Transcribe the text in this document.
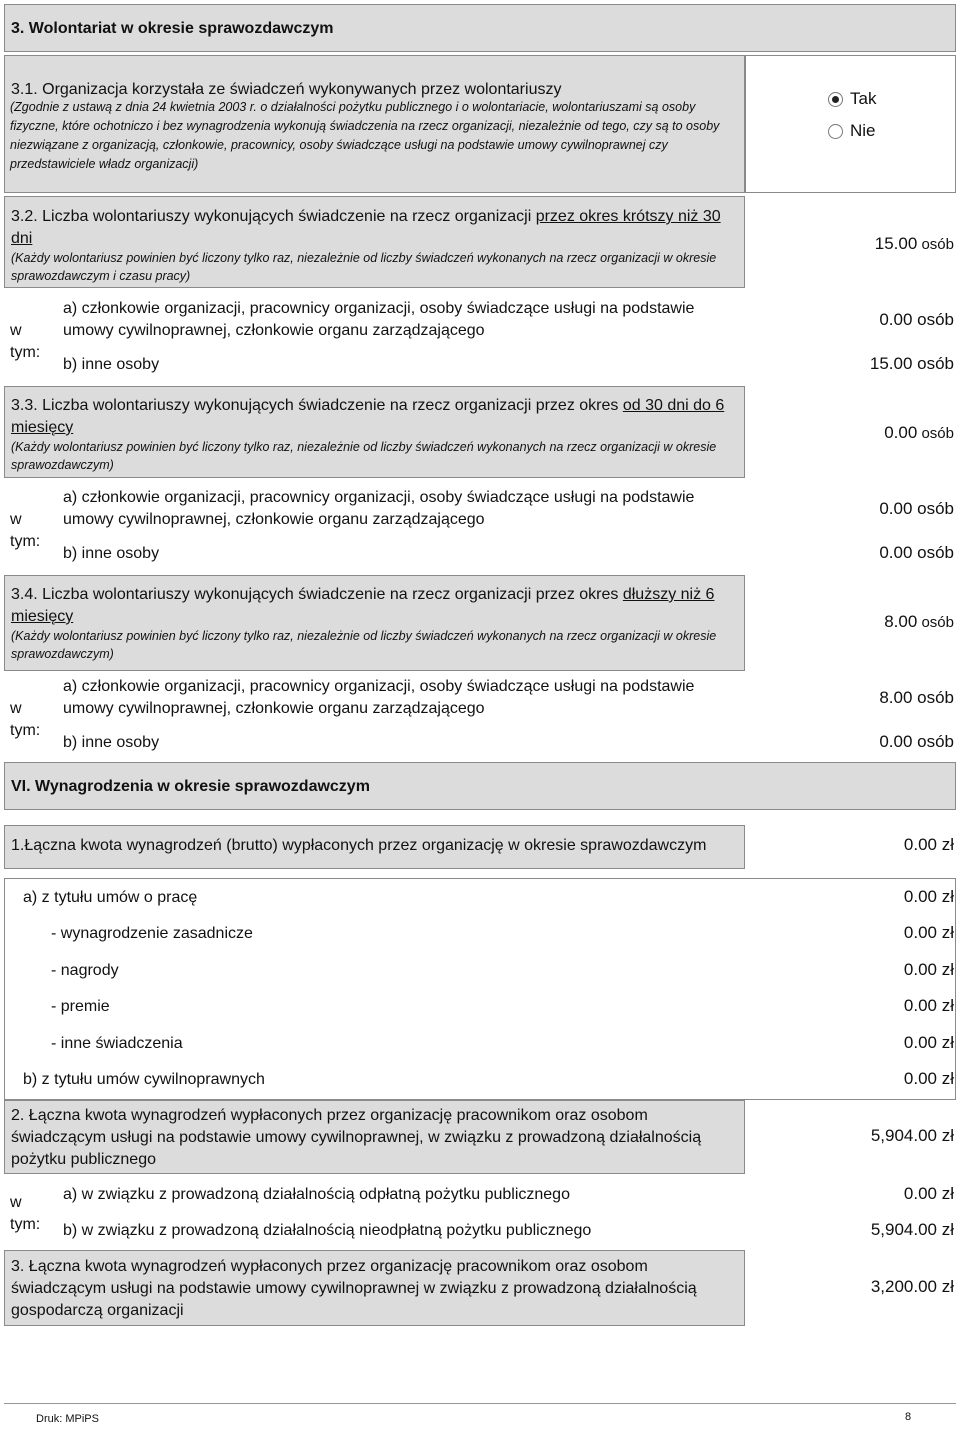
3. Wolontariat w okresie sprawozdawczym
3.1. Organizacja korzystała ze świadczeń wykonywanych przez wolontariuszy
(Zgodnie z ustawą z dnia 24 kwietnia 2003 r. o działalności pożytku publicznego i o wolontariacie, wolontariuszami są osoby fizyczne, które ochotniczo i bez wynagrodzenia wykonują świadczenia na rzecz organizacji, niezależnie od tego, czy są to osoby niezwiązane z organizacją, członkowie, pracownicy, osoby świadczące usługi na podstawie umowy cywilnoprawnej czy przedstawiciele władz organizacji)
Tak
Nie
3.2. Liczba wolontariuszy wykonujących świadczenie na rzecz organizacji przez okres krótszy niż 30 dni
(Każdy wolontariusz powinien być liczony tylko raz, niezależnie od liczby świadczeń wykonanych na rzecz organizacji w okresie sprawozdawczym i czasu pracy)
15.00 osób
w tym:
a) członkowie organizacji, pracownicy organizacji, osoby świadczące usługi na podstawie umowy cywilnoprawnej, członkowie organu zarządzającego
0.00 osób
b) inne osoby	15.00 osób
3.3. Liczba wolontariuszy wykonujących świadczenie na rzecz organizacji przez okres od 30 dni do 6 miesięcy
(Każdy wolontariusz powinien być liczony tylko raz, niezależnie od liczby świadczeń wykonanych na rzecz organizacji w okresie sprawozdawczym)
0.00 osób
w tym:
a) członkowie organizacji, pracownicy organizacji, osoby świadczące usługi na podstawie umowy cywilnoprawnej, członkowie organu zarządzającego
0.00 osób
b) inne osoby	0.00 osób
3.4. Liczba wolontariuszy wykonujących świadczenie na rzecz organizacji przez okres dłuższy niż 6 miesięcy
(Każdy wolontariusz powinien być liczony tylko raz, niezależnie od liczby świadczeń wykonanych na rzecz organizacji w okresie sprawozdawczym)
8.00 osób
w tym:
a) członkowie organizacji, pracownicy organizacji, osoby świadczące usługi na podstawie umowy cywilnoprawnej, członkowie organu zarządzającego
8.00 osób
b) inne osoby	0.00 osób
VI. Wynagrodzenia w okresie sprawozdawczym
1.Łączna kwota wynagrodzeń (brutto) wypłaconych przez organizację w okresie sprawozdawczym	0.00 zł
a) z tytułu umów o pracę	0.00 zł
- wynagrodzenie zasadnicze	0.00 zł
- nagrody	0.00 zł
- premie	0.00 zł
- inne świadczenia	0.00 zł
b) z tytułu umów cywilnoprawnych	0.00 zł
2. Łączna kwota wynagrodzeń wypłaconych przez organizację pracownikom oraz osobom świadczącym usługi na podstawie umowy cywilnoprawnej, w związku z prowadzoną działalnością pożytku publicznego
5,904.00 zł
w tym:
a) w związku z prowadzoną działalnością odpłatną pożytku publicznego	0.00 zł
b) w związku z prowadzoną działalnością nieodpłatną pożytku publicznego	5,904.00 zł
3. Łączna kwota wynagrodzeń wypłaconych przez organizację pracownikom oraz osobom świadczącym usługi na podstawie umowy cywilnoprawnej w związku z prowadzoną działalnością gospodarczą organizacji
3,200.00 zł
Druk: MPiPS	8
